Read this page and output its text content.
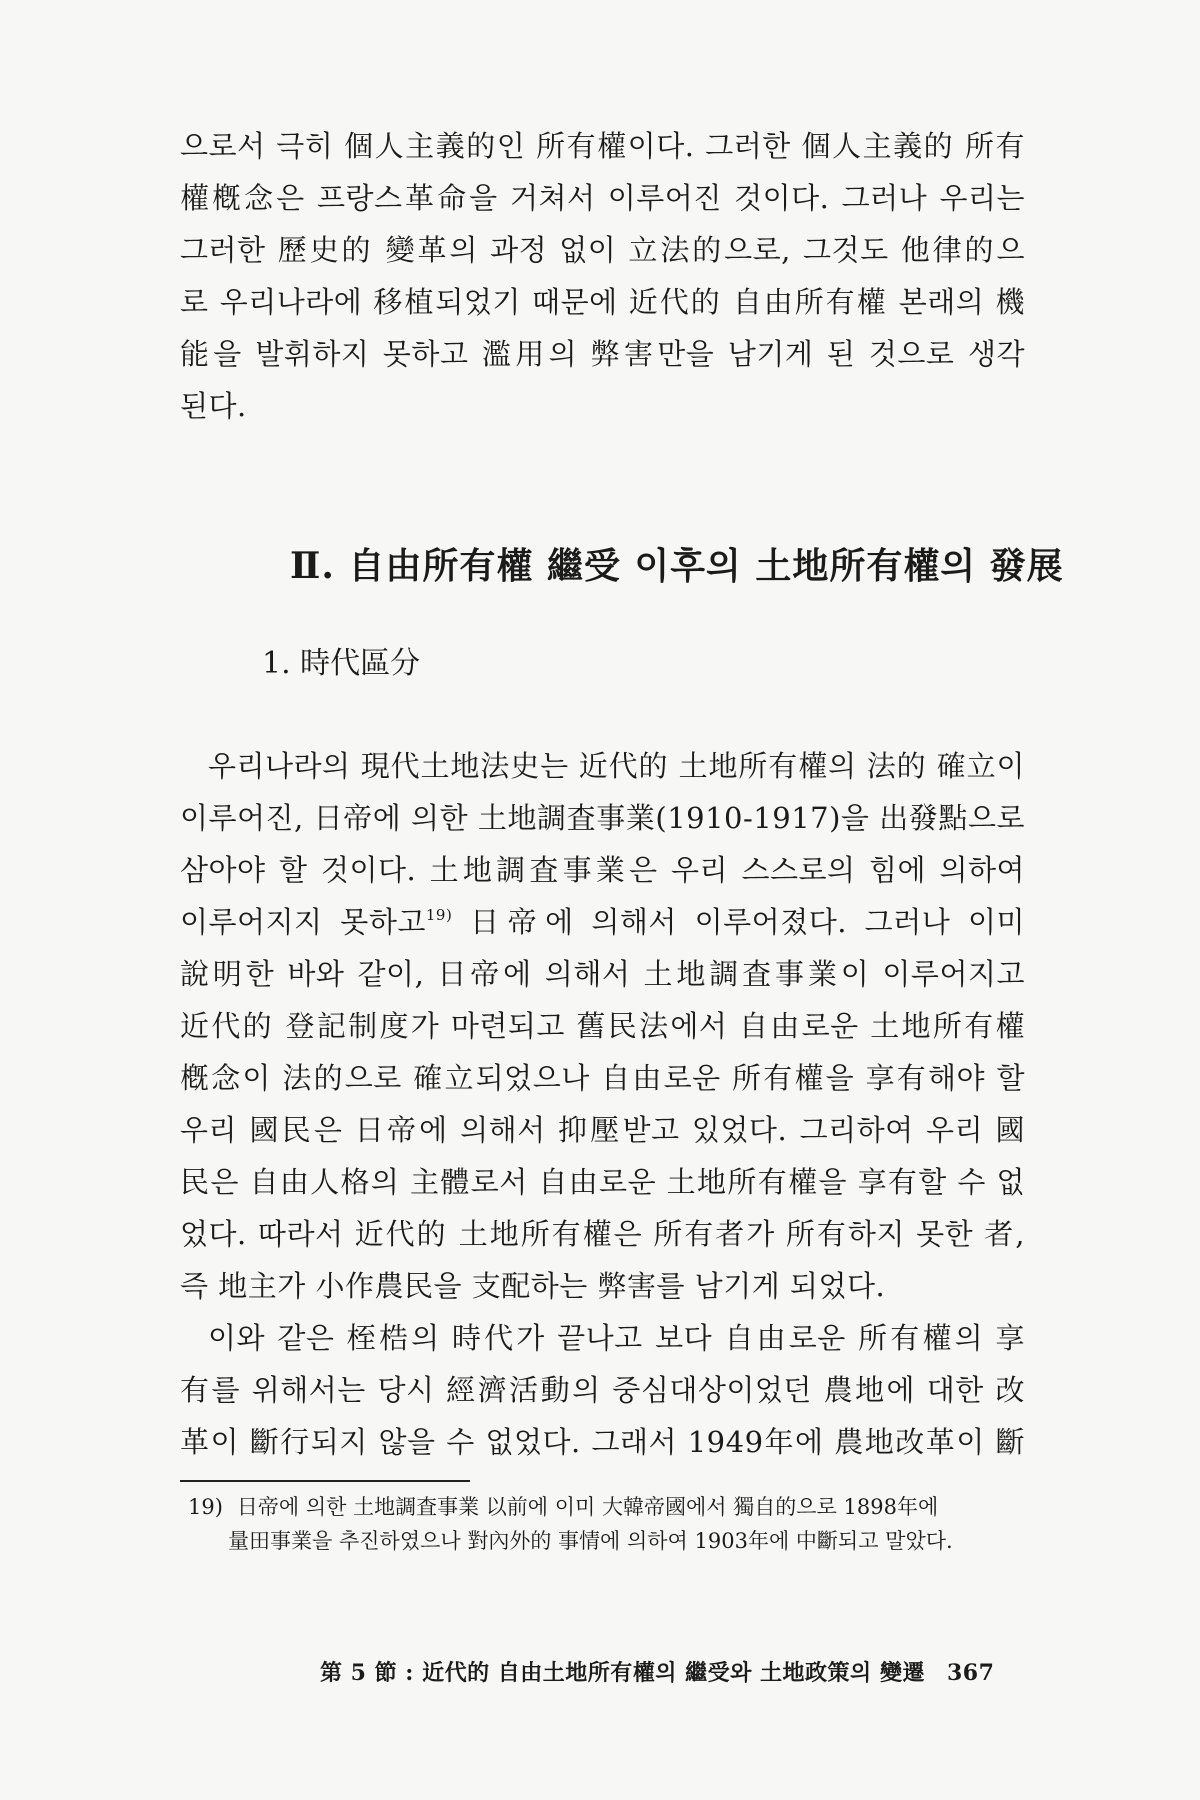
으로서 극히 個人主義的인 所有權이다. 그러한 個人主義的 所有
權槪念은 프랑스革命을 거쳐서 이루어진 것이다. 그러나 우리는
그러한 歷史的 變革의 과정 없이 立法的으로, 그것도 他律的으
로 우리나라에 移植되었기 때문에 近代的 自由所有權 본래의 機
能을 발휘하지 못하고 濫用의 弊害만을 남기게 된 것으로 생각
된다.
Ⅱ. 自由所有權 繼受 이후의 土地所有權의 發展
1. 時代區分
우리나라의 現代土地法史는 近代的 土地所有權의 法的 確立이
이루어진, 日帝에 의한 土地調査事業(1910-1917)을 出發點으로
삼아야 할 것이다. 土地調査事業은 우리 스스로의 힘에 의하여
이루어지지 못하고$^{19)}$ 日帝에 의해서 이루어졌다. 그러나 이미
說明한 바와 같이, 日帝에 의해서 土地調査事業이 이루어지고
近代的 登記制度가 마련되고 舊民法에서 自由로운 土地所有權
槪念이 法的으로 確立되었으나 自由로운 所有權을 享有해야 할
우리 國民은 日帝에 의해서 抑壓받고 있었다. 그리하여 우리 國
民은 自由人格의 主體로서 自由로운 土地所有權을 享有할 수 없
었다. 따라서 近代的 土地所有權은 所有者가 所有하지 못한 者,
즉 地主가 小作農民을 支配하는 弊害를 남기게 되었다.
이와 같은 桎梏의 時代가 끝나고 보다 自由로운 所有權의 享
有를 위해서는 당시 經濟活動의 중심대상이었던 農地에 대한 改
革이 斷行되지 않을 수 없었다. 그래서 1949年에 農地改革이 斷
19) 日帝에 의한 土地調査事業 以前에 이미 大韓帝國에서 獨自的으로 1898年에
量田事業을 추진하였으나 對內外的 事情에 의하여 1903年에 中斷되고 말았다.
第 5 節 : 近代的 自由土地所有權의 繼受와 土地政策의 變遷 367
